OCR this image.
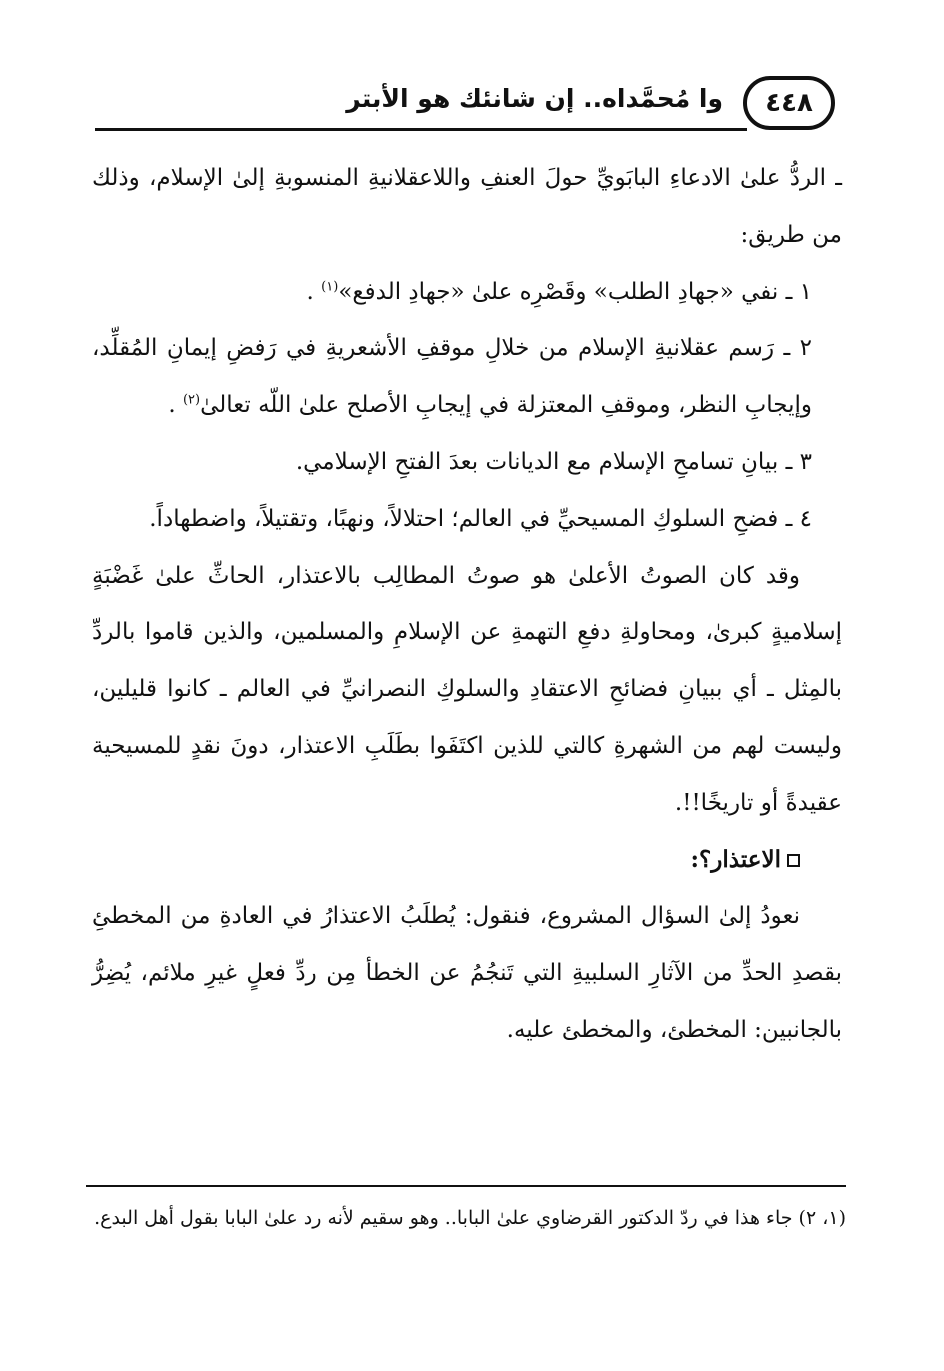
٤٤٨
وا مُحمَّداه.. إن شانئك هو الأبتر

ـ الردُّ علىٰ الادعاءِ البابَويِّ حولَ العنفِ واللاعقلانيةِ المنسوبةِ إلىٰ الإسلام، وذلك من طريق:

١ ـ نفي «جهادِ الطلب» وقَصْرِه علىٰ «جهادِ الدفع»$^{(١)}$ .

٢ ـ رَسم عقلانيةِ الإسلام من خلالِ موقفِ الأشعريةِ في رَفضِ إيمانِ المُقلِّد، وإيجابِ النظر، وموقفِ المعتزلة في إيجابِ الأصلح علىٰ اللّه تعالىٰ$^{(٢)}$ .

٣ ـ بيانِ تسامحِ الإسلام مع الديانات بعدَ الفتحِ الإسلامي.

٤ ـ فضحِ السلوكِ المسيحيِّ في العالم؛ احتلالاً، ونهبًا، وتقتيلاً، واضطهاداً.

وقد كان الصوتُ الأعلىٰ هو صوتُ المطالِب بالاعتذار، الحاثِّ علىٰ غَضْبَةٍ إسلاميةٍ كبرىٰ، ومحاولةِ دفعِ التهمةِ عن الإسلامِ والمسلمين، والذين قاموا بالردِّ بالمِثل ـ أي ببيانِ فضائحِ الاعتقادِ والسلوكِ النصرانيِّ في العالم ـ كانوا قليلين، وليست لهم من الشهرةِ كالتي للذين اكتَفَوا بطَلَبِ الاعتذار، دونَ نقدٍ للمسيحية عقيدةً أو تاريخًا!!.

الاعتذار؟:

نعودُ إلىٰ السؤال المشروع، فنقول: يُطلَبُ الاعتذارُ في العادةِ من المخطئِ بقصدِ الحدِّ من الآثارِ السلبيةِ التي تَنجُمُ عن الخطأ مِن ردِّ فعلٍ غيرِ ملائم، يُضِرُّ بالجانبين: المخطئ، والمخطئ عليه.

(١، ٢) جاء هذا في ردّ الدكتور القرضاوي علىٰ البابا.. وهو سقيم لأنه رد علىٰ البابا بقول أهل البدع.
